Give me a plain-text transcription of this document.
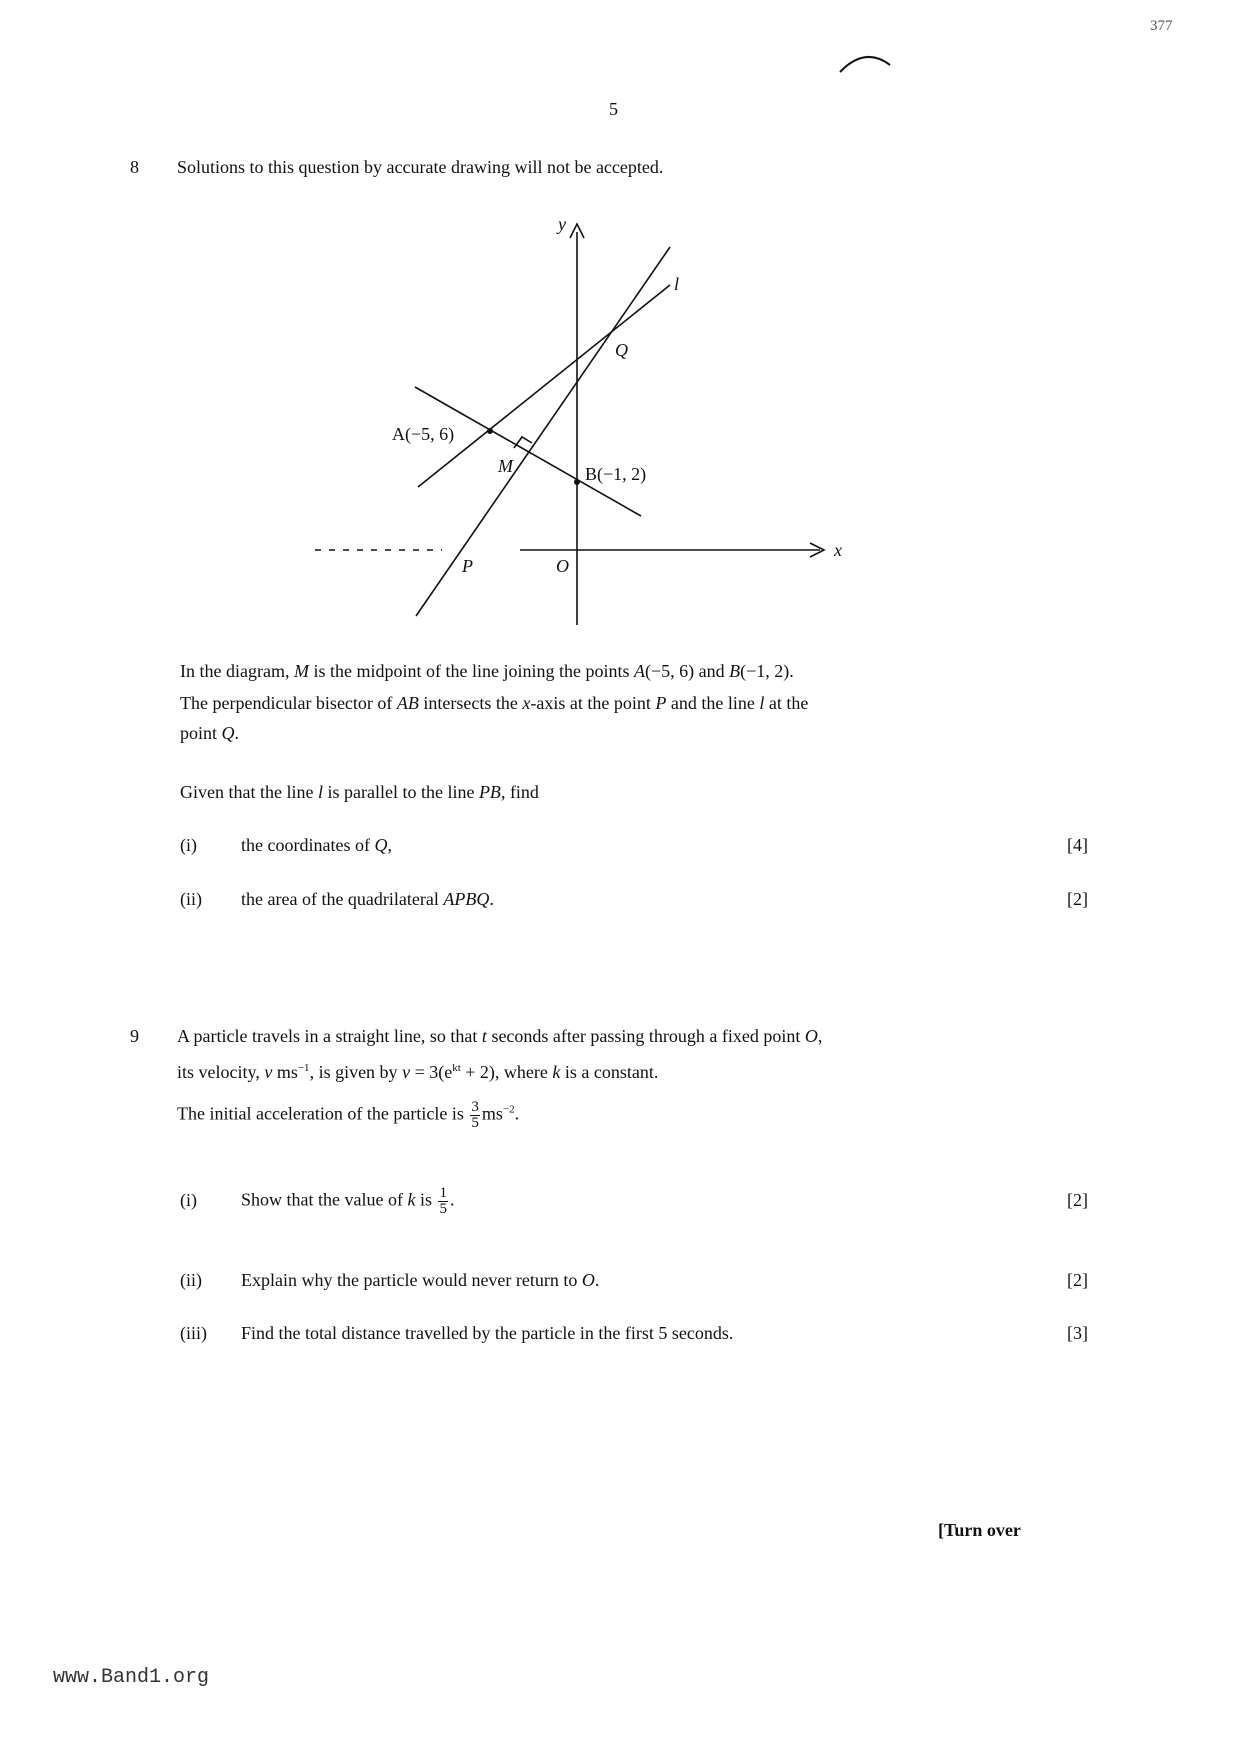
377
5
8 Solutions to this question by accurate drawing will not be accepted.
y
x
O
P
Q
l
A(−5, 6)
M	B(−1, 2)
In the diagram, M is the midpoint of the line joining the points A(−5, 6) and B(−1, 2).
The perpendicular bisector of AB intersects the x-axis at the point P and the line l at the
point Q.
Given that the line l is parallel to the line PB, find
(i) the coordinates of Q,	[4]
(ii) the area of the quadrilateral APBQ.	[2]
9 A particle travels in a straight line, so that t seconds after passing through a fixed point O,
its velocity, v $ms^{-1}$, is given by $v = 3(e^{kt} + 2)$, where k is a constant.
The initial acceleration of the particle is $\frac{3}{5} ms^{-2}$.
(i) Show that the value of k is $\frac{1}{5}$ .	[2]
(ii) Explain why the particle would never return to O.	[2]
(iii) Find the total distance travelled by the particle in the first 5 seconds.	[3]
[Turn over
www.Band1.org
